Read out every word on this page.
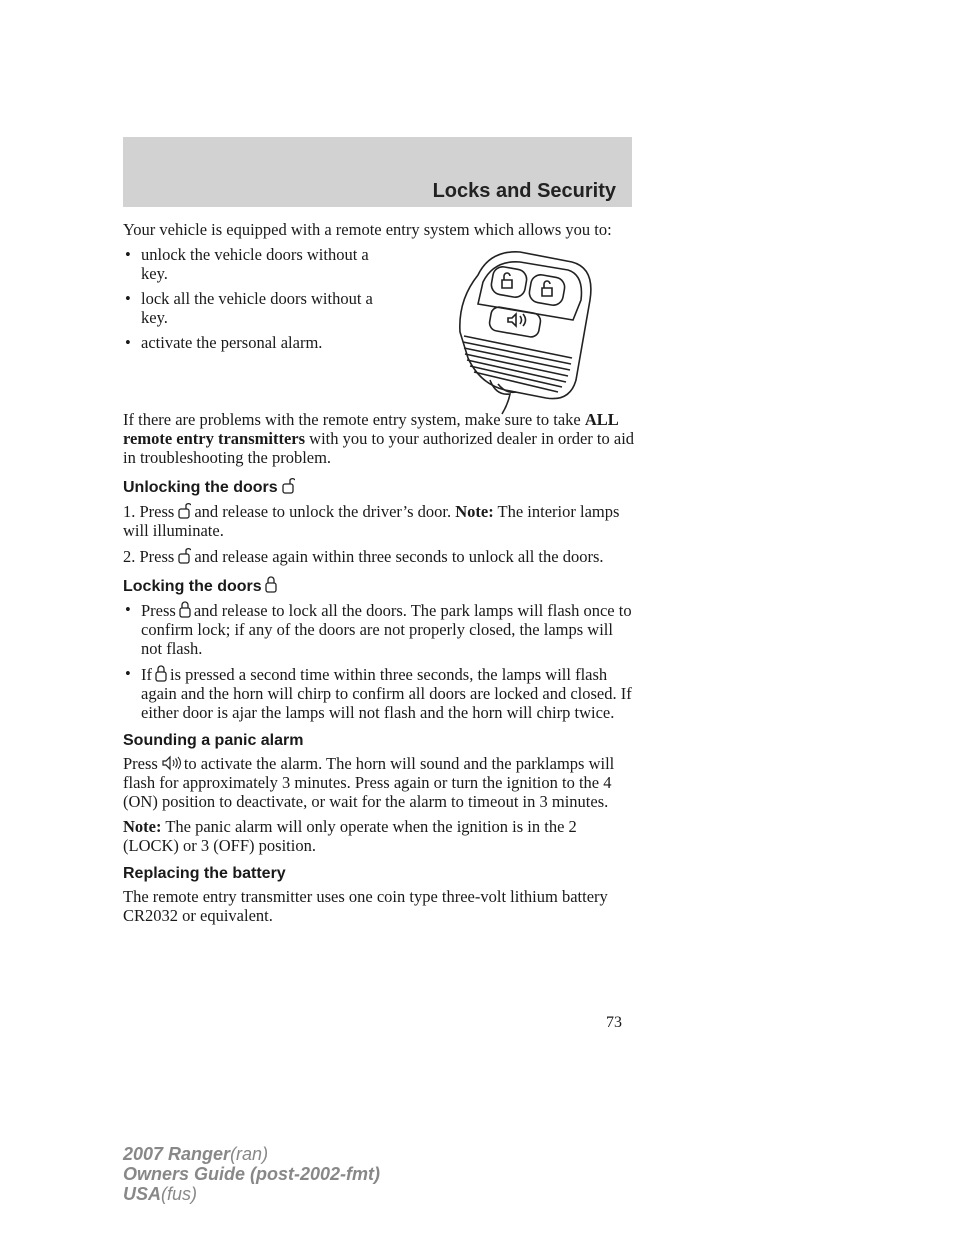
Locks and Security

Your vehicle is equipped with a remote entry system which allows you to:

• unlock the vehicle doors without a key.
• lock all the vehicle doors without a key.
• activate the personal alarm.

If there are problems with the remote entry system, make sure to take ALL remote entry transmitters with you to your authorized dealer in order to aid in troubleshooting the problem.

Unlocking the doors

1. Press and release to unlock the driver’s door. Note: The interior lamps will illuminate.

2. Press and release again within three seconds to unlock all the doors.

Locking the doors
• Press and release to lock all the doors. The park lamps will flash once to confirm lock; if any of the doors are not properly closed, the lamps will not flash.
• If is pressed a second time within three seconds, the lamps will flash again and the horn will chirp to confirm all doors are locked and closed. If either door is ajar the lamps will not flash and the horn will chirp twice.
Sounding a panic alarm

Press to activate the alarm. The horn will sound and the parklamps will flash for approximately 3 minutes. Press again or turn the ignition to the 4 (ON) position to deactivate, or wait for the alarm to timeout in 3 minutes.

Note: The panic alarm will only operate when the ignition is in the 2 (LOCK) or 3 (OFF) position.

Replacing the battery

The remote entry transmitter uses one coin type three-volt lithium battery CR2032 or equivalent.

73
2007 Ranger(ran)
Owners Guide (post-2002-fmt)
USA(fus)
